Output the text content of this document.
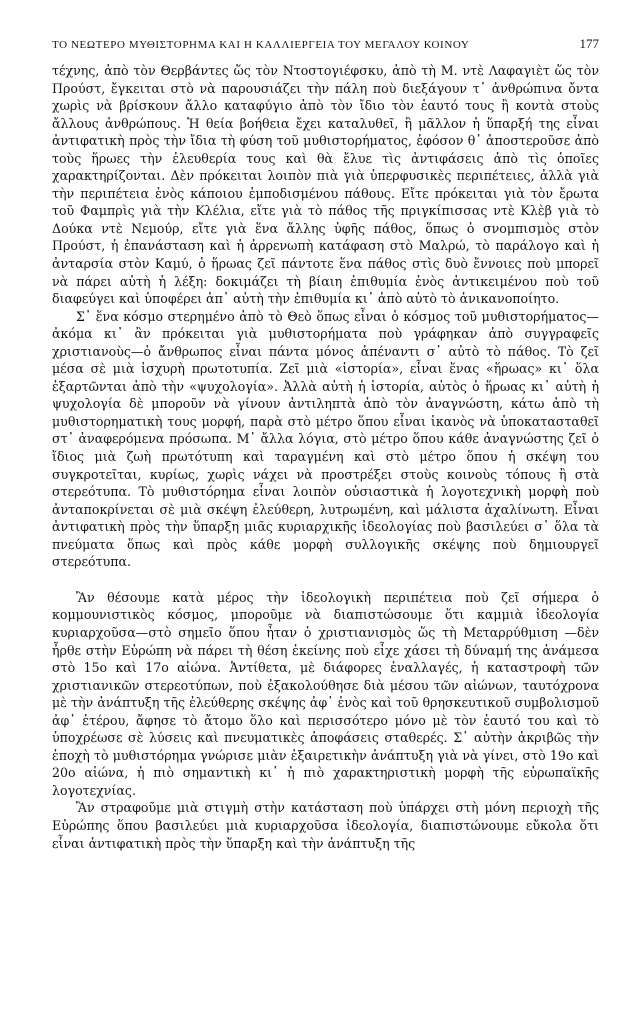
ΤΟ ΝΕΩΤΕΡΟ ΜΥΘΙΣΤΟΡΗΜΑ ΚΑΙ Η ΚΑΛΛΙΕΡΓΕΙΑ ΤΟΥ ΜΕΓΑΛΟΥ ΚΟΙΝΟΥ	177

τέχνης, ἀπὸ τὸν Θερβάντες ὥς τὸν Ντοστογιέφσκυ, ἀπὸ τὴ Μ. ντὲ Λαφαγιὲτ ὥς τὸν Προύστ, ἔγκειται στὸ νὰ παρουσιάζει τὴν πάλη ποὺ διεξάγουν τ᾽ ἀνθρώπινα ὄντα χωρὶς νὰ βρίσκουν ἄλλο καταφύγιο ἀπὸ τὸν ἴδιο τὸν ἑαυτό τους ἢ κοντὰ στοὺς ἄλλους ἀνθρώπους. Ἡ θεία βοήθεια ἔχει καταλυθεῖ, ἢ μᾶλλον ἡ ὕπαρξή της εἶναι ἀντιφατικὴ πρὸς τὴν ἴδια τὴ φύση τοῦ μυθιστορήματος, ἐφόσον θ᾽ ἀποστεροῦσε ἀπὸ τοὺς ἥρωες τὴν ἐλευθερία τους καὶ θὰ ἔλυε τὶς ἀντιφάσεις ἀπὸ τὶς ὁποῖες χαρακτηρίζονται. Δὲν πρόκειται λοιπὸν πιὰ γιὰ ὑπερφυσικὲς περιπέτειες, ἀλλὰ γιὰ τὴν περιπέτεια ἑνὸς κάποιου ἐμποδισμένου πάθους. Εἴτε πρόκειται γιὰ τὸν ἔρωτα τοῦ Φαμπρὶς γιὰ τὴν Κλέλια, εἴτε γιὰ τὸ πάθος τῆς πριγκίπισσας ντὲ Κλὲβ γιὰ τὸ Δούκα ντὲ Νεμούρ, εἴτε γιὰ ἕνα ἄλλης ὑφῆς πάθος, ὅπως ὁ σνομπισμὸς στὸν Προύστ, ἡ ἐπανάσταση καὶ ἡ ἀρρενωπὴ κατάφαση στὸ Μαλρώ, τὸ παράλογο καὶ ἡ ἀνταρσία στὸν Καμύ, ὁ ἥρωας ζεῖ πάντοτε ἕνα πάθος στὶς δυὸ ἔννοιες ποὺ μπορεῖ νὰ πάρει αὐτὴ ἡ λέξη: δοκιμάζει τὴ βίαιη ἐπιθυμία ἑνὸς ἀντικειμένου ποὺ τοῦ διαφεύγει καὶ ὑποφέρει ἀπ᾽ αὐτὴ τὴν ἐπιθυμία κι᾽ ἀπὸ αὐτὸ τὸ ἀνικανοποίητο.

Σ᾽ ἕνα κόσμο στερημένο ἀπὸ τὸ Θεὸ ὅπως εἶναι ὁ κόσμος τοῦ μυθιστορήματος—ἀκόμα κι᾽ ἂν πρόκειται γιὰ μυθιστορήματα ποὺ γράφηκαν ἀπὸ συγγραφεῖς χριστιανοὺς—ὁ ἄνθρωπος εἶναι πάντα μόνος ἀπέναντι σ᾽ αὐτὸ τὸ πάθος. Τὸ ζεῖ μέσα σὲ μιὰ ἰσχυρὴ πρωτοτυπία. Ζεῖ μιὰ «ἱστορία», εἶναι ἕνας «ἥρωας» κι᾽ ὅλα ἐξαρτῶνται ἀπὸ τὴν «ψυχολογία». Ἀλλὰ αὐτὴ ἡ ἱστορία, αὐτὸς ὁ ἥρωας κι᾽ αὐτὴ ἡ ψυχολογία δὲ μποροῦν νὰ γίνουν ἀντιληπτὰ ἀπὸ τὸν ἀναγνώστη, κάτω ἀπὸ τὴ μυθιστορηματικὴ τους μορφή, παρὰ στὸ μέτρο ὅπου εἶναι ἱκανὸς νὰ ὑποκατασταθεῖ στ᾽ ἀναφερόμενα πρόσωπα. Μ᾽ ἄλλα λόγια, στὸ μέτρο ὅπου κάθε ἀναγνώστης ζεῖ ὁ ἴδιος μιὰ ζωὴ πρωτότυπη καὶ ταραγμένη καὶ στὸ μέτρο ὅπου ἡ σκέψη του συγκροτεῖται, κυρίως, χωρὶς νάχει νὰ προστρέξει στοὺς κοινοὺς τόπους ἢ στὰ στερεότυπα. Τὸ μυθιστόρημα εἶναι λοιπὸν οὐσιαστικὰ ἡ λογοτεχνικὴ μορφὴ ποὺ ἀνταποκρίνεται σὲ μιὰ σκέψη ἐλεύθερη, λυτρωμένη, καὶ μάλιστα ἀχαλίνωτη. Εἶναι ἀντιφατικὴ πρὸς τὴν ὕπαρξη μιᾶς κυριαρχικῆς ἰδεολογίας ποὺ βασιλεύει σ᾽ ὅλα τὰ πνεύματα ὅπως καὶ πρὸς κάθε μορφὴ συλλογικῆς σκέψης ποὺ δημιουργεῖ στερεότυπα.

Ἂν θέσουμε κατὰ μέρος τὴν ἰδεολογικὴ περιπέτεια ποὺ ζεῖ σήμερα ὁ κομμουνιστικὸς κόσμος, μποροῦμε νὰ διαπιστώσουμε ὅτι καμμιὰ ἰδεολογία κυριαρχοῦσα—στὸ σημεῖο ὅπου ἦταν ὁ χριστιανισμὸς ὥς τὴ Μεταρρύθμιση —δὲν ἦρθε στὴν Εὐρώπη νὰ πάρει τὴ θέση ἐκείνης ποὺ εἶχε χάσει τὴ δύναμή της ἀνάμεσα στὸ 15ο καὶ 17ο αἰώνα. Ἀντίθετα, μὲ διάφορες ἐναλλαγές, ἡ καταστροφὴ τῶν χριστιανικῶν στερεοτύπων, ποὺ ἐξακολούθησε διὰ μέσου τῶν αἰώνων, ταυτόχρονα μὲ τὴν ἀνάπτυξη τῆς ἐλεύθερης σκέψης ἀφ᾽ ἑνὸς καὶ τοῦ θρησκευτικοῦ συμβολισμοῦ ἀφ᾽ ἑτέρου, ἄφησε τὸ ἄτομο ὅλο καὶ περισσότερο μόνο μὲ τὸν ἑαυτό του καὶ τὸ ὑποχρέωσε σὲ λύσεις καὶ πνευματικὲς ἀποφάσεις σταθερές. Σ᾽ αὐτὴν ἀκριβῶς τὴν ἐποχὴ τὸ μυθιστόρημα γνώρισε μιὰν ἐξαιρετικὴν ἀνάπτυξη γιὰ νὰ γίνει, στὸ 19ο καὶ 20ο αἰώνα, ἡ πιὸ σημαντικὴ κι᾽ ἡ πιὸ χαρακτηριστικὴ μορφὴ τῆς εὐρωπαϊκῆς λογοτεχνίας.

Ἂν στραφοῦμε μιὰ στιγμὴ στὴν κατάσταση ποὺ ὑπάρχει στὴ μόνη περιοχὴ τῆς Εὐρώπης ὅπου βασιλεύει μιὰ κυριαρχοῦσα ἰδεολογία, διαπιστώνουμε εὔκολα ὅτι εἶναι ἀντιφατικὴ πρὸς τὴν ὕπαρξη καὶ τὴν ἀνάπτυξη τῆς
